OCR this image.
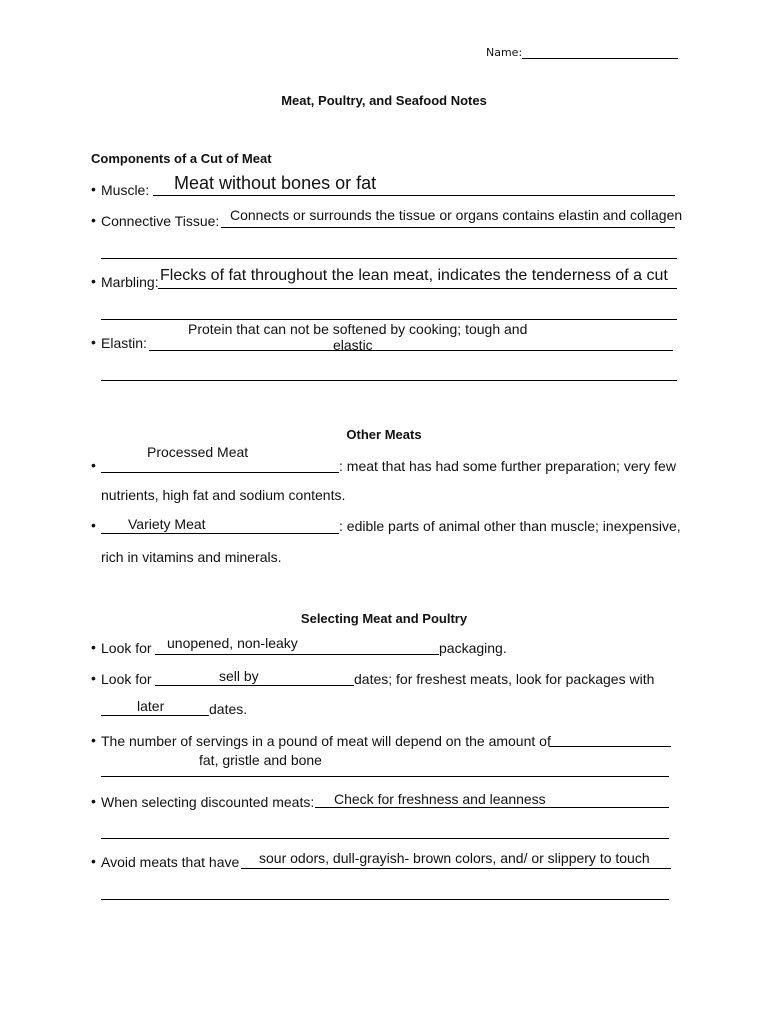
Name:
Meat, Poultry, and Seafood Notes
Components of a Cut of Meat
• Muscle: Meat without bones or fat
• Connective Tissue: Connects or surrounds the tissue or organs contains elastin and collagen
• Marbling: Flecks of fat throughout the lean meat, indicates the tenderness of a cut
Protein that can not be softened by cooking; tough and
• Elastin:	elastic
Other Meats
Processed Meat
•	: meat that has had some further preparation; very few
nutrients, high fat and sodium contents.
• Variety Meat	: edible parts of animal other than muscle; inexpensive,
rich in vitamins and minerals.
Selecting Meat and Poultry
• Look for unopened, non-leaky	packaging.
• Look for	sell by	dates; for freshest meats, look for packages with
later	dates.
• The number of servings in a pound of meat will depend on the amount of
fat, gristle and bone
• When selecting discounted meats: Check for freshness and leanness
• Avoid meats that have sour odors, dull-grayish- brown colors, and/ or slippery to touch
